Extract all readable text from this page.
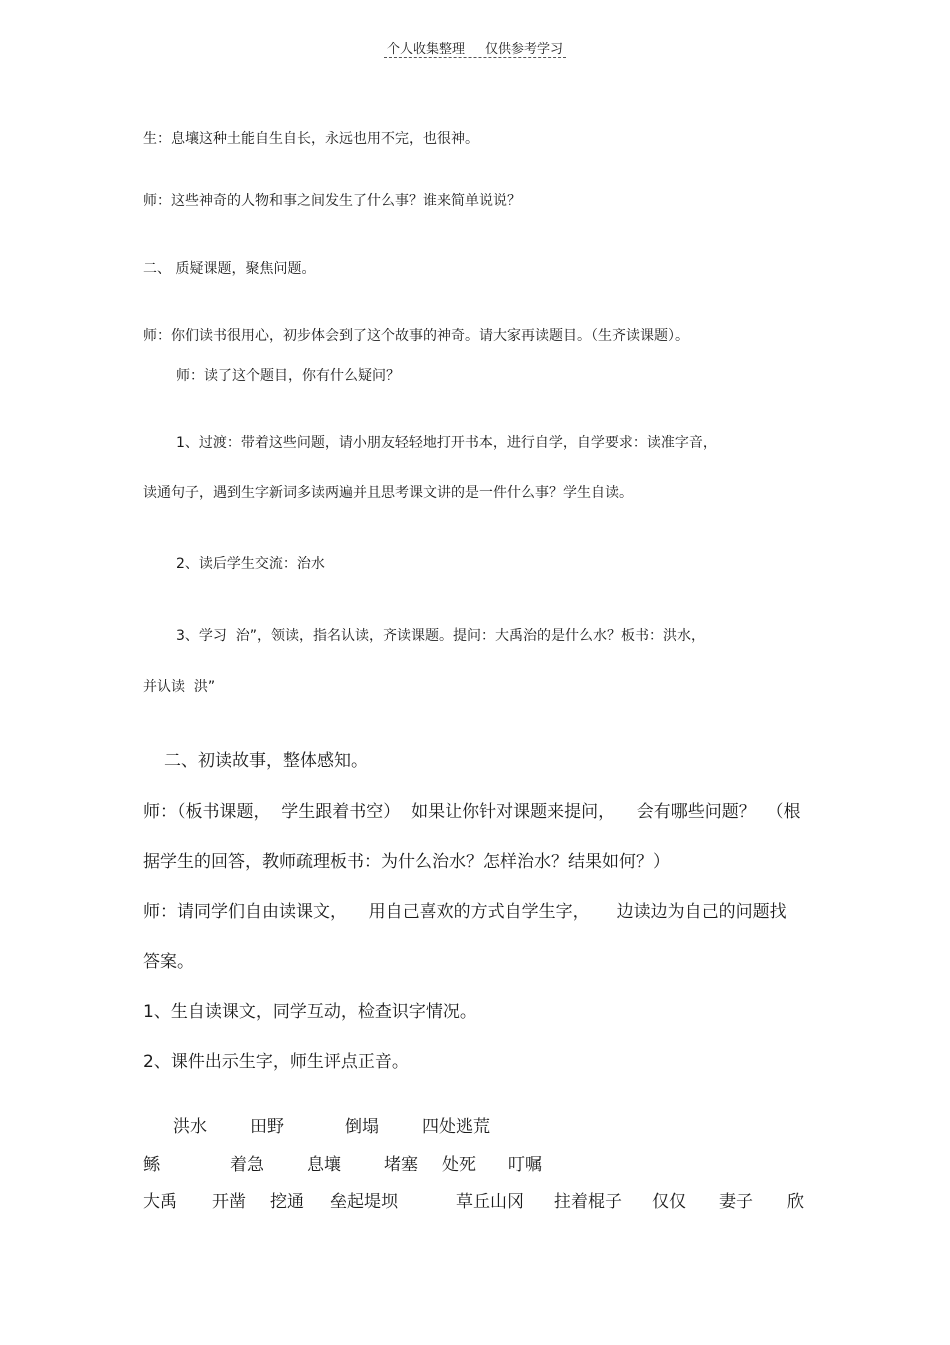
个人收集整理 仅供参考学习
生：息壤这种土能自生自长，永远也用不完，也很神。
师：这些神奇的人物和事之间发生了什么事？谁来简单说说？
二、 质疑课题，聚焦问题。
师：你们读书很用心，初步体会到了这个故事的神奇。请大家再读题目。（生齐读课题）。
师：读了这个题目，你有什么疑问？
1、过渡：带着这些问题，请小朋友轻轻地打开书本，进行自学，自学要求：读准字音，
读通句子，遇到生字新词多读两遍并且思考课文讲的是一件什么事？学生自读。
2、读后学生交流：治水
3、学习  治”，领读，指名认读，齐读课题。提问：大禹治的是什么水？板书：洪水，
并认读  洪”
二、初读故事，整体感知。
师：（板书课题，  学生跟着书空）  如果让你针对课题来提问，    会有哪些问题？  （根
据学生的回答，教师疏理板书：为什么治水？怎样治水？结果如何？）
师：请同学们自由读课文，    用自己喜欢的方式自学生字，     边读边为自己的问题找
答案。
1、生自读课文，同学互动，检查识字情况。
2、课件出示生字，师生评点正音。
洪水	田野	倒塌	四处逃荒
鲧	着急	息壤	堵塞 处死 叮嘱
大禹 开凿 挖通 垒起堤坝	草丘山冈 拄着棍子 仅仅 妻子 欣
